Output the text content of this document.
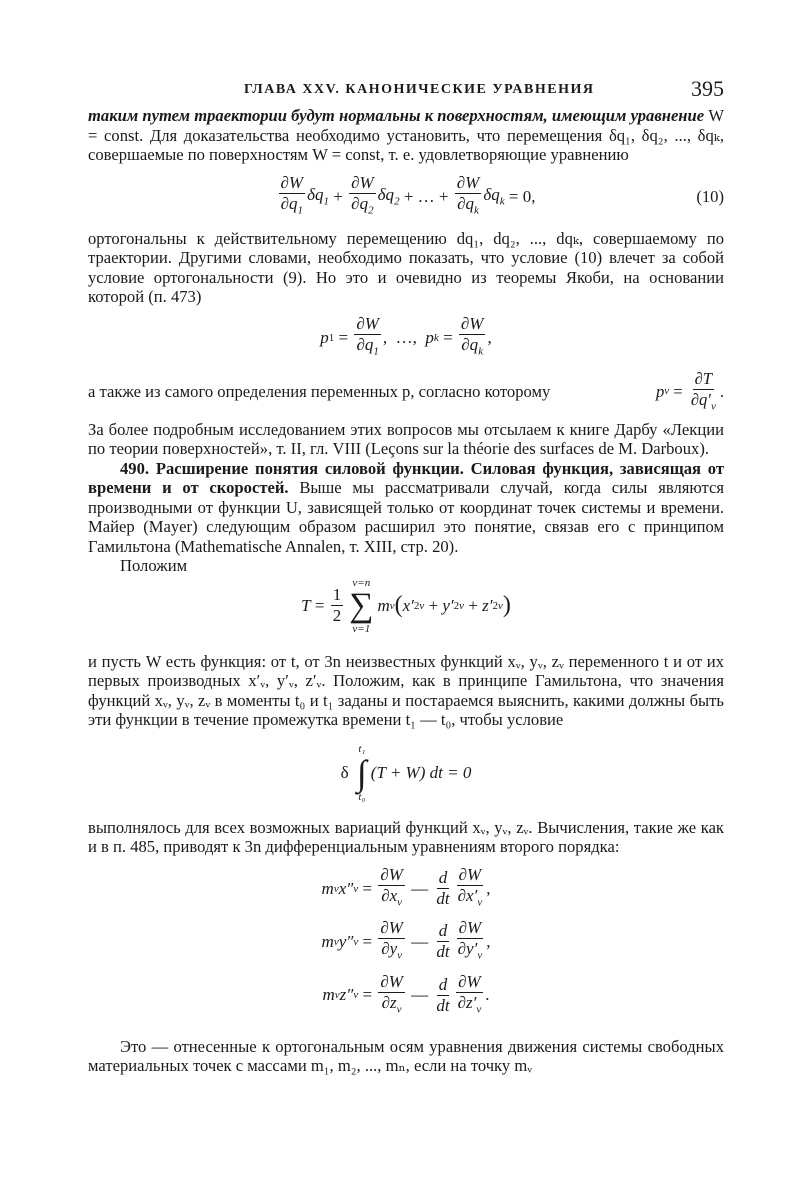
ГЛАВА XXV. КАНОНИЧЕСКИЕ УРАВНЕНИЯ	395

таким путем траектории будут нормальны к поверхностям, имеющим уравнение W = const. Для доказательства необходимо установить, что перемещения δq₁, δq₂, ..., δqₖ, совершаемые по поверхностям W = const, т. е. удовлетворяющие уравнению

$\frac{\partial W}{\partial q_1} \delta q_1 + \frac{\partial W}{\partial q_2} \delta q_2$ + … + $\frac{\partial W}{\partial q_k} \delta q_k$
= 0,	(10)

ортогональны к действительному перемещению dq₁, dq₂, ..., dqₖ, совершаемому по траектории. Другими словами, необходимо показать, что условие (10) влечет за собой условие ортогональности (9). Но это и очевидно из теоремы Якоби, на основании которой (п. 473)

p $1 = \frac{\partial W}{\partial q_1}$ ,  …, p $k = \frac{\partial W}{\partial q_k}$ ,

а также из самого определения переменных p, согласно которому	p $\nu = \frac{\partial T}{\partial q'_\nu}$ .

За более подробным исследованием этих вопросов мы отсылаем к книге Дарбу «Лекции по теории поверхностей», т. II, гл. VIII (Leçons sur la théorie des surfaces de M. Darboux).

490. Расширение понятия силовой функции. Силовая функция, зависящая от времени и от скоростей. Выше мы рассматривали случай, когда силы являются производными от функции U, зависящей только от координат точек системы и времени. Майер (Mayer) следующим образом расширил это понятие, связав его с принципом Гамильтона (Mathematische Annalen, т. XIII, стр. 20).

Положим

$T = \frac{1}{2}$
ν=n
∑
ν=1
m ν ( x′ 2 ν + y′ 2 ν + z′ 2 ν )

и пусть W есть функция: от t, от 3n неизвестных функций xᵥ, yᵥ, zᵥ переменного t и от их первых производных x′ᵥ, y′ᵥ, z′ᵥ. Положим, как в принципе Гамильтона, что значения функций xᵥ, yᵥ, zᵥ в моменты t₀ и t₁ заданы и постараемся выяснить, какими должны быть эти функции в течение промежутка времени t₁ — t₀, чтобы условие

δ
t₁
∫
t₀
(T + W) dt = 0

выполнялось для всех возможных вариаций функций xᵥ, yᵥ, zᵥ. Вычисления, такие же как и в п. 485, приводят к 3n дифференциальным уравнениям второго порядка:

m ν x″ $\nu = \frac{\partial W}{\partial x_\nu}$ — $\frac{d}{dt} \frac{\partial W}{\partial x'_\nu}$ ,
m ν y″ $\nu = \frac{\partial W}{\partial y_\nu}$ — $\frac{d}{dt} \frac{\partial W}{\partial y'_\nu}$ ,
m ν z″ $\nu = \frac{\partial W}{\partial z_\nu}$ — $\frac{d}{dt} \frac{\partial W}{\partial z'_\nu}$ .

Это — отнесенные к ортогональным осям уравнения движения системы свободных материальных точек с массами m₁, m₂, ..., mₙ, если на точку mᵥ
